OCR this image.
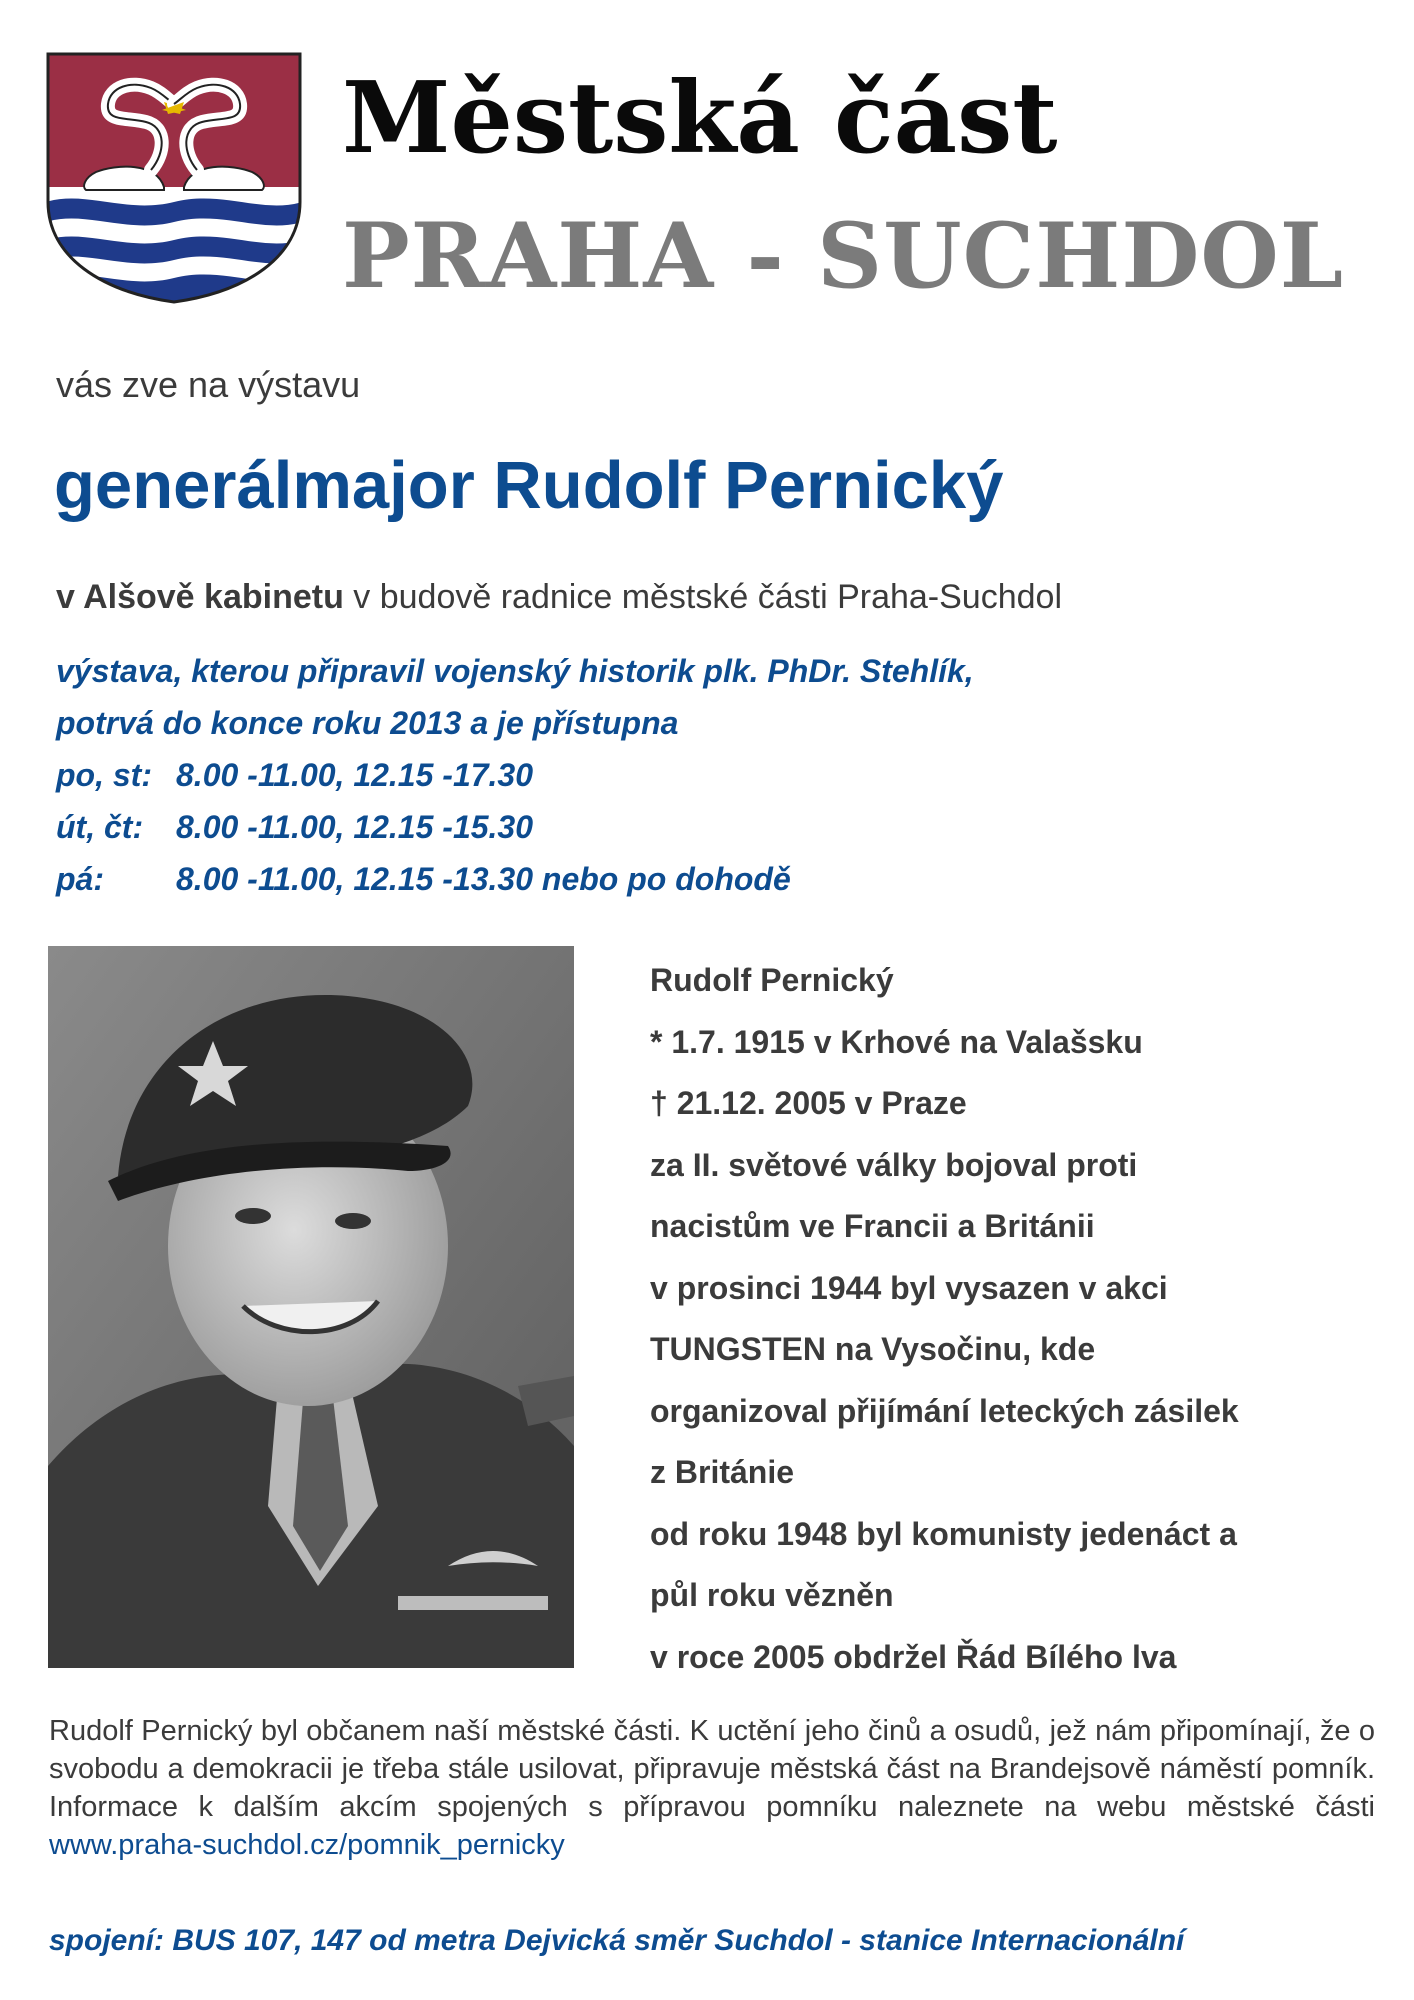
Městská část
PRAHA - SUCHDOL
vás zve na výstavu
generálmajor Rudolf Pernický
v Alšově kabinetu v budově radnice městské části Praha-Suchdol
výstava, kterou připravil vojenský historik plk. PhDr. Stehlík,
potrvá do konce roku 2013 a je přístupna
po, st: 8.00 -11.00, 12.15 -17.30
út, čt:	8.00 -11.00, 12.15 -15.30
pá:	8.00 -11.00, 12.15 -13.30 nebo po dohodě
Rudolf Pernický
* 1.7. 1915 v Krhové na Valašsku
† 21.12. 2005 v Praze
za II. světové války bojoval proti
nacistům ve Francii a Británii
v prosinci 1944 byl vysazen v akci
TUNGSTEN na Vysočinu, kde
organizoval přijímání leteckých zásilek
z Británie
od roku 1948 byl komunisty jedenáct a
půl roku vězněn
v roce 2005 obdržel Řád Bílého lva
Rudolf Pernický byl občanem naší městské části. K uctění jeho činů a osudů, jež nám připomínají, že o svobodu a demokracii je třeba stále usilovat, připravuje městská část na Brandejsově náměstí pomník. Informace k dalším akcím spojených s přípravou pomníku naleznete na webu městské části www.praha-suchdol.cz/pomnik_pernicky
spojení: BUS 107, 147 od metra Dejvická směr Suchdol - stanice Internacionální
